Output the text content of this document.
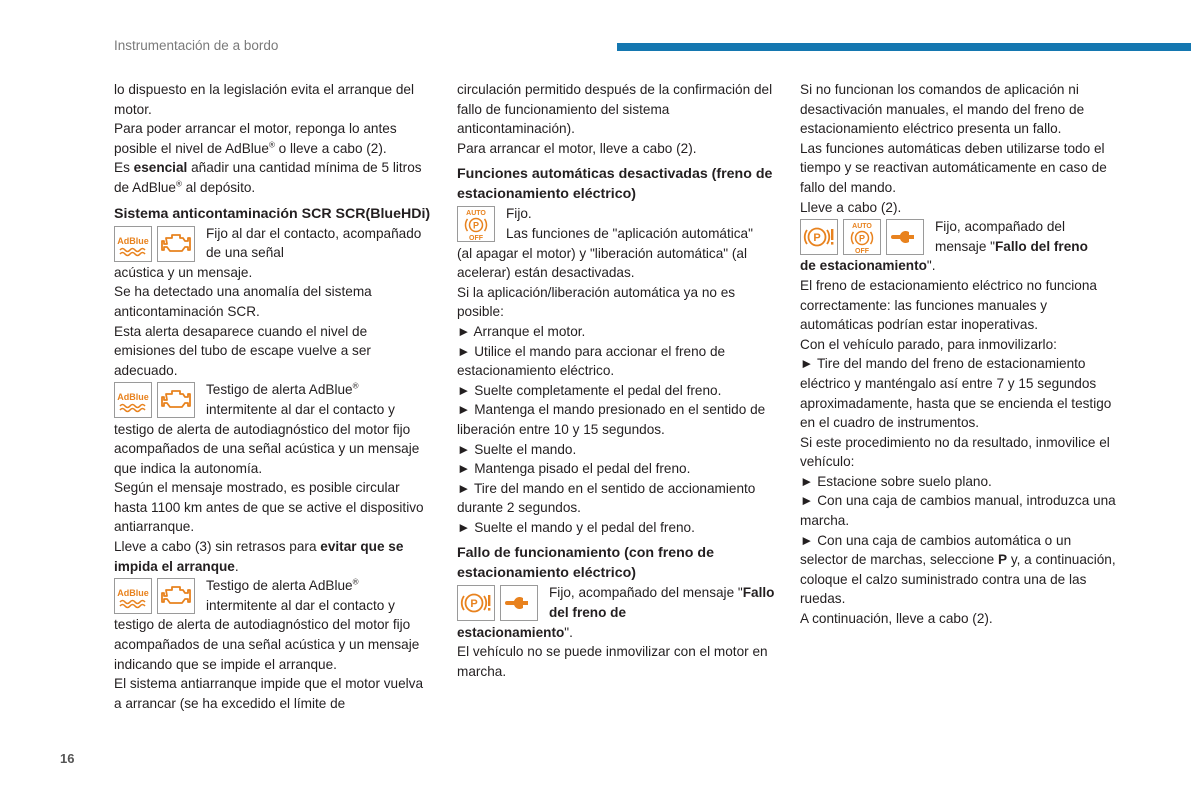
Instrumentación de a bordo

lo dispuesto en la legislación evita el arranque del motor.

Para poder arrancar el motor, reponga lo antes posible el nivel de AdBlue® o lleve a cabo (2).

Es esencial añadir una cantidad mínima de 5 litros de AdBlue® al depósito.

Sistema anticontaminación SCR SCR(BlueHDi)
AdBlue	Fijo al dar el contacto, acompañado de una señal

acústica y un mensaje.

Se ha detectado una anomalía del sistema anticontaminación SCR.

Esta alerta desaparece cuando el nivel de emisiones del tubo de escape vuelve a ser adecuado.

AdBlue	Testigo de alerta AdBlue® intermitente al dar el contacto y

testigo de alerta de autodiagnóstico del motor fijo acompañados de una señal acústica y un mensaje que indica la autonomía.

Según el mensaje mostrado, es posible circular hasta 1100 km antes de que se active el dispositivo antiarranque.

Lleve a cabo (3) sin retrasos para evitar que se impida el arranque.

AdBlue	Testigo de alerta AdBlue® intermitente al dar el contacto y

testigo de alerta de autodiagnóstico del motor fijo acompañados de una señal acústica y un mensaje indicando que se impide el arranque.

El sistema antiarranque impide que el motor vuelva a arrancar (se ha excedido el límite de

circulación permitido después de la confirmación del fallo de funcionamiento del sistema anticontaminación).

Para arrancar el motor, lleve a cabo (2).

Funciones automáticas desactivadas (freno de estacionamiento eléctrico)
AUTO
P
OFF
Fijo.
Las funciones de "aplicación automática"

(al apagar el motor) y "liberación automática" (al acelerar) están desactivadas.

Si la aplicación/liberación automática ya no es posible:

► Arranque el motor.

► Utilice el mando para accionar el freno de estacionamiento eléctrico.

► Suelte completamente el pedal del freno.

► Mantenga el mando presionado en el sentido de liberación entre 10 y 15 segundos.

► Suelte el mando.

► Mantenga pisado el pedal del freno.

► Tire del mando en el sentido de accionamiento durante 2 segundos.

► Suelte el mando y el pedal del freno.

Fallo de funcionamiento (con freno de estacionamiento eléctrico)
P
Fijo, acompañado del mensaje "Fallo del freno de

estacionamiento".

El vehículo no se puede inmovilizar con el motor en marcha.

Si no funcionan los comandos de aplicación ni desactivación manuales, el mando del freno de estacionamiento eléctrico presenta un fallo.

Las funciones automáticas deben utilizarse todo el tiempo y se reactivan automáticamente en caso de fallo del mando.

Lleve a cabo (2).

P
AUTO
P
OFF
Fijo, acompañado del mensaje "Fallo del freno

de estacionamiento".

El freno de estacionamiento eléctrico no funciona correctamente: las funciones manuales y automáticas podrían estar inoperativas.

Con el vehículo parado, para inmovilizarlo:

► Tire del mando del freno de estacionamiento eléctrico y manténgalo así entre 7 y 15 segundos aproximadamente, hasta que se encienda el testigo en el cuadro de instrumentos.

Si este procedimiento no da resultado, inmovilice el vehículo:

► Estacione sobre suelo plano.

► Con una caja de cambios manual, introduzca una marcha.

► Con una caja de cambios automática o un selector de marchas, seleccione P y, a continuación, coloque el calzo suministrado contra una de las ruedas.

A continuación, lleve a cabo (2).

16
